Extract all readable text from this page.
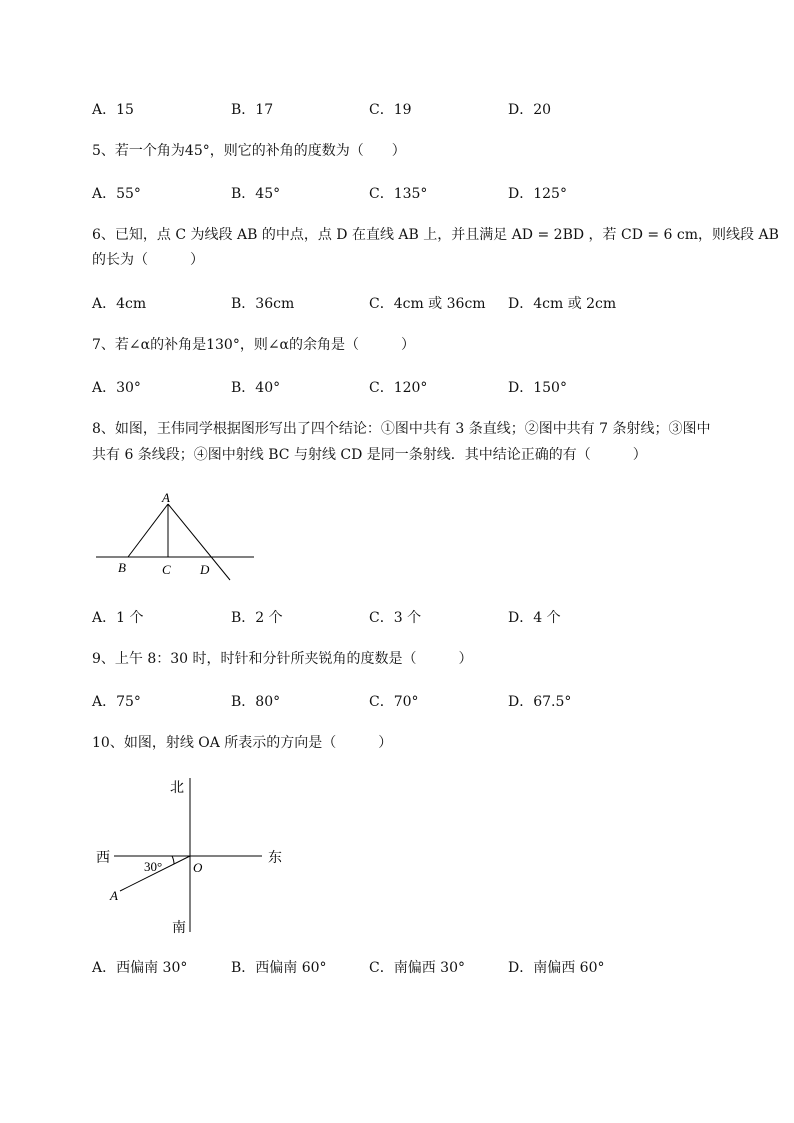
A．15	B．17	C．19	D．20
5、若一个角为45°，则它的补角的度数为（　　）
A．55°	B．45°	C．135°	D．125°
6、已知，点 C 为线段 AB 的中点，点 D 在直线 AB 上，并且满足 AD = 2BD ，若 CD = 6 cm，则线段 AB
的长为（　　　）
A．4cm	B．36cm	C．4cm 或 36cm D．4cm 或 2cm
7、若∠α的补角是130°，则∠α的余角是（　　　）
A．30°	B．40°	C．120°	D．150°
8、如图，王伟同学根据图形写出了四个结论：①图中共有 3 条直线；②图中共有 7 条射线；③图中
共有 6 条线段；④图中射线 BC 与射线 CD 是同一条射线．其中结论正确的有（　　　）
A
B	C D
A．1 个	B．2 个	C．3 个	D．4 个
9、上午 8：30 时，时针和分针所夹锐角的度数是（　　　）
A．75°	B．80°	C．70°	D．67.5°
10、如图，射线 OA 所表示的方向是（　　　）
北
南
西	东
O
A
30°
A．西偏南 30°	B．西偏南 60°	C．南偏西 30°	D．南偏西 60°
